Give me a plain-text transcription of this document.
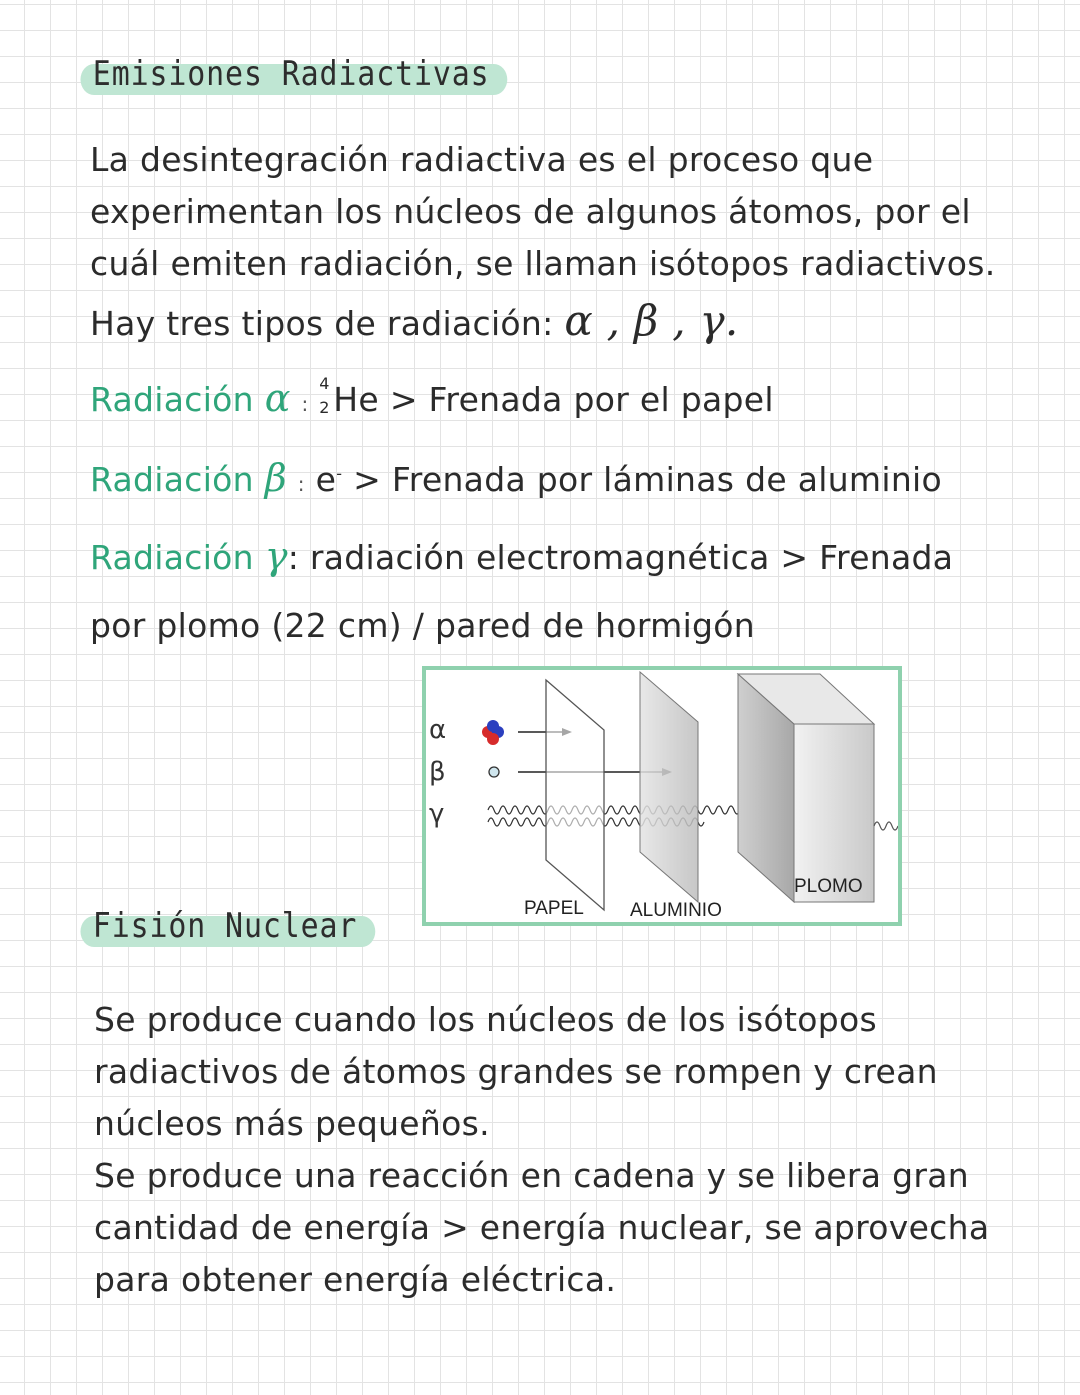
Emisiones Radiactivas

La desintegración radiactiva es el proceso que

experimentan los núcleos de algunos átomos, por el

cuál emiten radiación, se llaman isótopos radiactivos.

Hay tres tipos de radiación: α , β , γ.
Radiación α :
4
2 He > Frenada por el papel
Radiación β : e- > Frenada por láminas de aluminio
Radiación γ: radiación electromagnética > Frenada
por plomo (22 cm) / pared de hormigón
α
β
γ
PAPEL ALUMINIO
PLOMO
Fisión Nuclear

Se produce cuando los núcleos de los isótopos

radiactivos de átomos grandes se rompen y crean

núcleos más pequeños.

Se produce una reacción en cadena y se libera gran

cantidad de energía > energía nuclear, se aprovecha

para obtener energía eléctrica.
